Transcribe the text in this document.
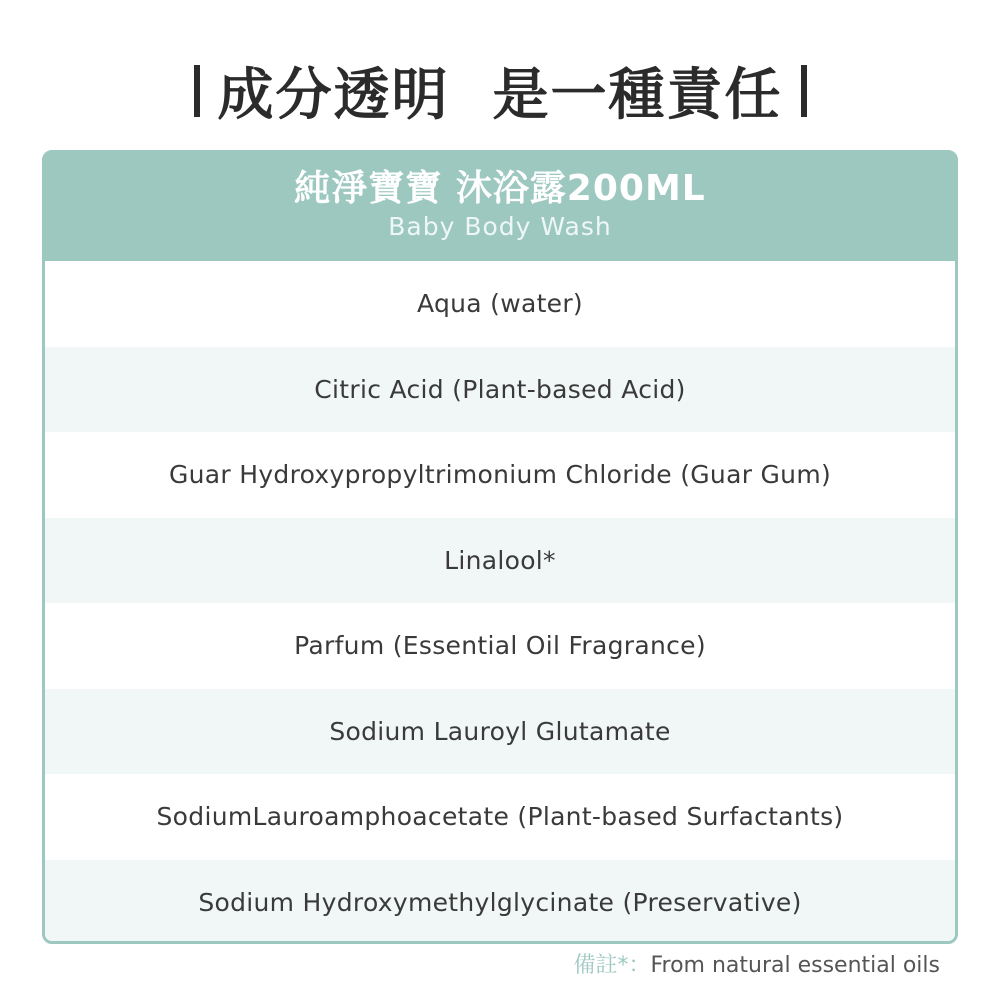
成分透明  是一種責任
純淨寶寶 沐浴露200ML
Baby Body Wash
Aqua (water)
Citric Acid (Plant-based Acid)
Guar Hydroxypropyltrimonium Chloride (Guar Gum)
Linalool*
Parfum (Essential Oil Fragrance)
Sodium Lauroyl Glutamate
SodiumLauroamphoacetate (Plant-based Surfactants)
Sodium Hydroxymethylglycinate (Preservative)
備註*：From natural essential oils
